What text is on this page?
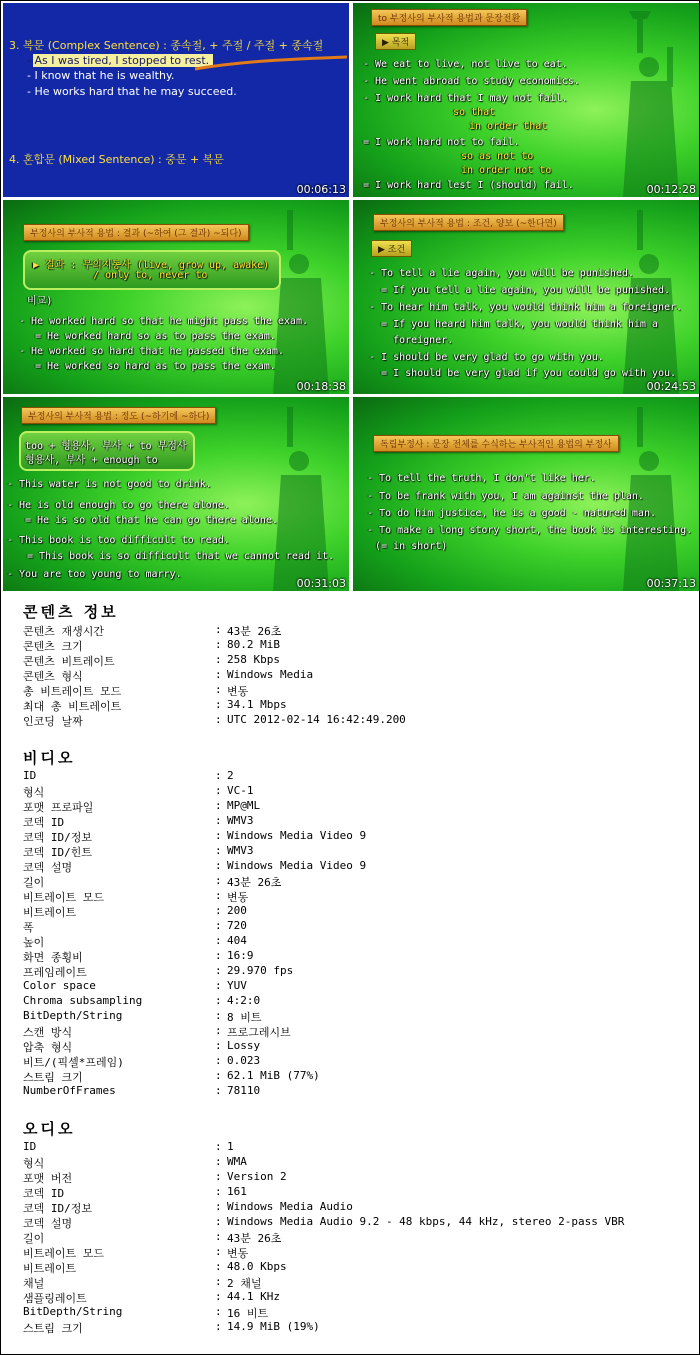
3. 복문 (Complex Sentence) : 종속절, + 주절 / 주절 + 종속절
- As I was tired, I stopped to rest.
- I know that he is wealthy.
- He works hard that he may succeed.
4. 혼합문 (Mixed Sentence) : 중문 + 복문
00:06:13
to 부정사의 부사적 용법과 문장전환
▶ 목적
- We eat to live, not live to eat.
- He went abroad to study economics.
- I work hard that I may not fail.
so that
in order that
= I work hard not to fail.
so as not to
in order not to
= I work hard lest I (should) fail.	00:12:28
부정사의 부사적 용법 : 결과 (~하여 (그 결과) ~되다)
▶ 결과 : 무의지동사 (live, grow up, awake)
/ only to, never to
비교)
- He worked hard so that he might pass the exam.
= He worked hard so as to pass the exam.
- He worked so hard that he passed the exam.
= He worked so hard as to pass the exam.
00:18:38
부정사의 부사적 용법 : 조건, 양보 (~한다면)
▶ 조건
- To tell a lie again, you will be punished.
= If you tell a lie again, you will be punished.
- To hear him talk, you would think him a foreigner.
= If you heard him talk, you would think him a
foreigner.
- I should be very glad to go with you.
= I should be very glad if you could go with you.
00:24:53
부정사의 부사적 용법 : 정도 (~하기에 ~하다)
too + 형용사, 부사 + to 부정사
형용사, 부사 + enough to
- This water is not good to drink.
- He is old enough to go there alone.
= He is so old that he can go there alone.
- This book is too difficult to read.
= This book is so difficult that we cannot read it.
- You are too young to marry.
00:31:03
독립부정사 : 문장 전체를 수식하는 부사적인 용법의 부정사
- To tell the truth, I don't like her.
- To be frank with you, I am against the plan.
- To do him justice, he is a good - natured man.
- To make a long story short, the book is interesting.
(= in short)
00:37:13
콘텐츠 정보
콘텐츠 재생시간	: 43분 26초
콘텐츠 크기	: 80.2 MiB
콘텐츠 비트레이트	: 258 Kbps
콘텐츠 형식	: Windows Media
총 비트레이트 모드	: 변동
최대 총 비트레이트	: 34.1 Mbps
인코딩 날짜	: UTC 2012-02-14 16:42:49.200
비디오
ID	: 2
형식	: VC-1
포맷 프로파일	: MP@ML
코덱 ID	: WMV3
코덱 ID/정보	: Windows Media Video 9
코덱 ID/힌트	: WMV3
코덱 설명	: Windows Media Video 9
길이	: 43분 26초
비트레이트 모드	: 변동
비트레이트	: 200
폭	: 720
높이	: 404
화면 종횡비	: 16:9
프레임레이트	: 29.970 fps
Color space	: YUV
Chroma subsampling	: 4:2:0
BitDepth/String	: 8 비트
스캔 방식	: 프로그레시브
압축 형식	: Lossy
비트/(픽셀*프레임)	: 0.023
스트림 크기	: 62.1 MiB (77%)
NumberOfFrames	: 78110
오디오
ID	: 1
형식	: WMA
포맷 버전	: Version 2
코덱 ID	: 161
코덱 ID/정보	: Windows Media Audio
코덱 설명	: Windows Media Audio 9.2 - 48 kbps, 44 kHz, stereo 2-pass VBR
길이	: 43분 26초
비트레이트 모드	: 변동
비트레이트	: 48.0 Kbps
채널	: 2 채널
샘플링레이트	: 44.1 KHz
BitDepth/String	: 16 비트
스트림 크기	: 14.9 MiB (19%)
